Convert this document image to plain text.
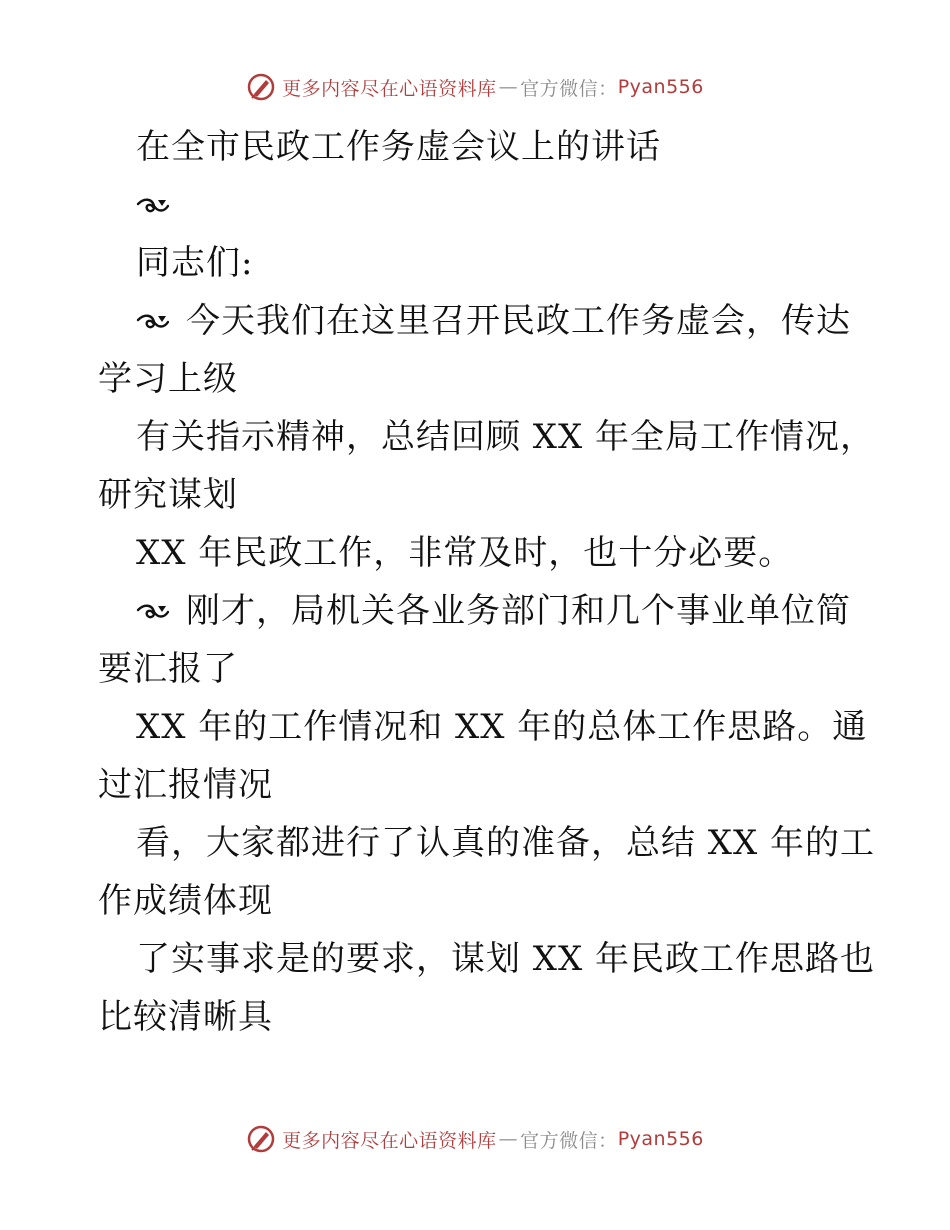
更多内容尽在心语资料库 — 官方微信： Pyan556
在全市民政工作务虚会议上的讲话
同志们:
今天我们在这里召开民政工作务虚会，传达
学习上级
有关指示精神，总结回顾 XX 年全局工作情况，
研究谋划
XX 年民政工作，非常及时，也十分必要。
刚才，局机关各业务部门和几个事业单位简
要汇报了
XX 年的工作情况和 XX 年的总体工作思路。通
过汇报情况
看，大家都进行了认真的准备，总结 XX 年的工
作成绩体现
了实事求是的要求，谋划 XX 年民政工作思路也
比较清晰具
更多内容尽在心语资料库 — 官方微信： Pyan556
